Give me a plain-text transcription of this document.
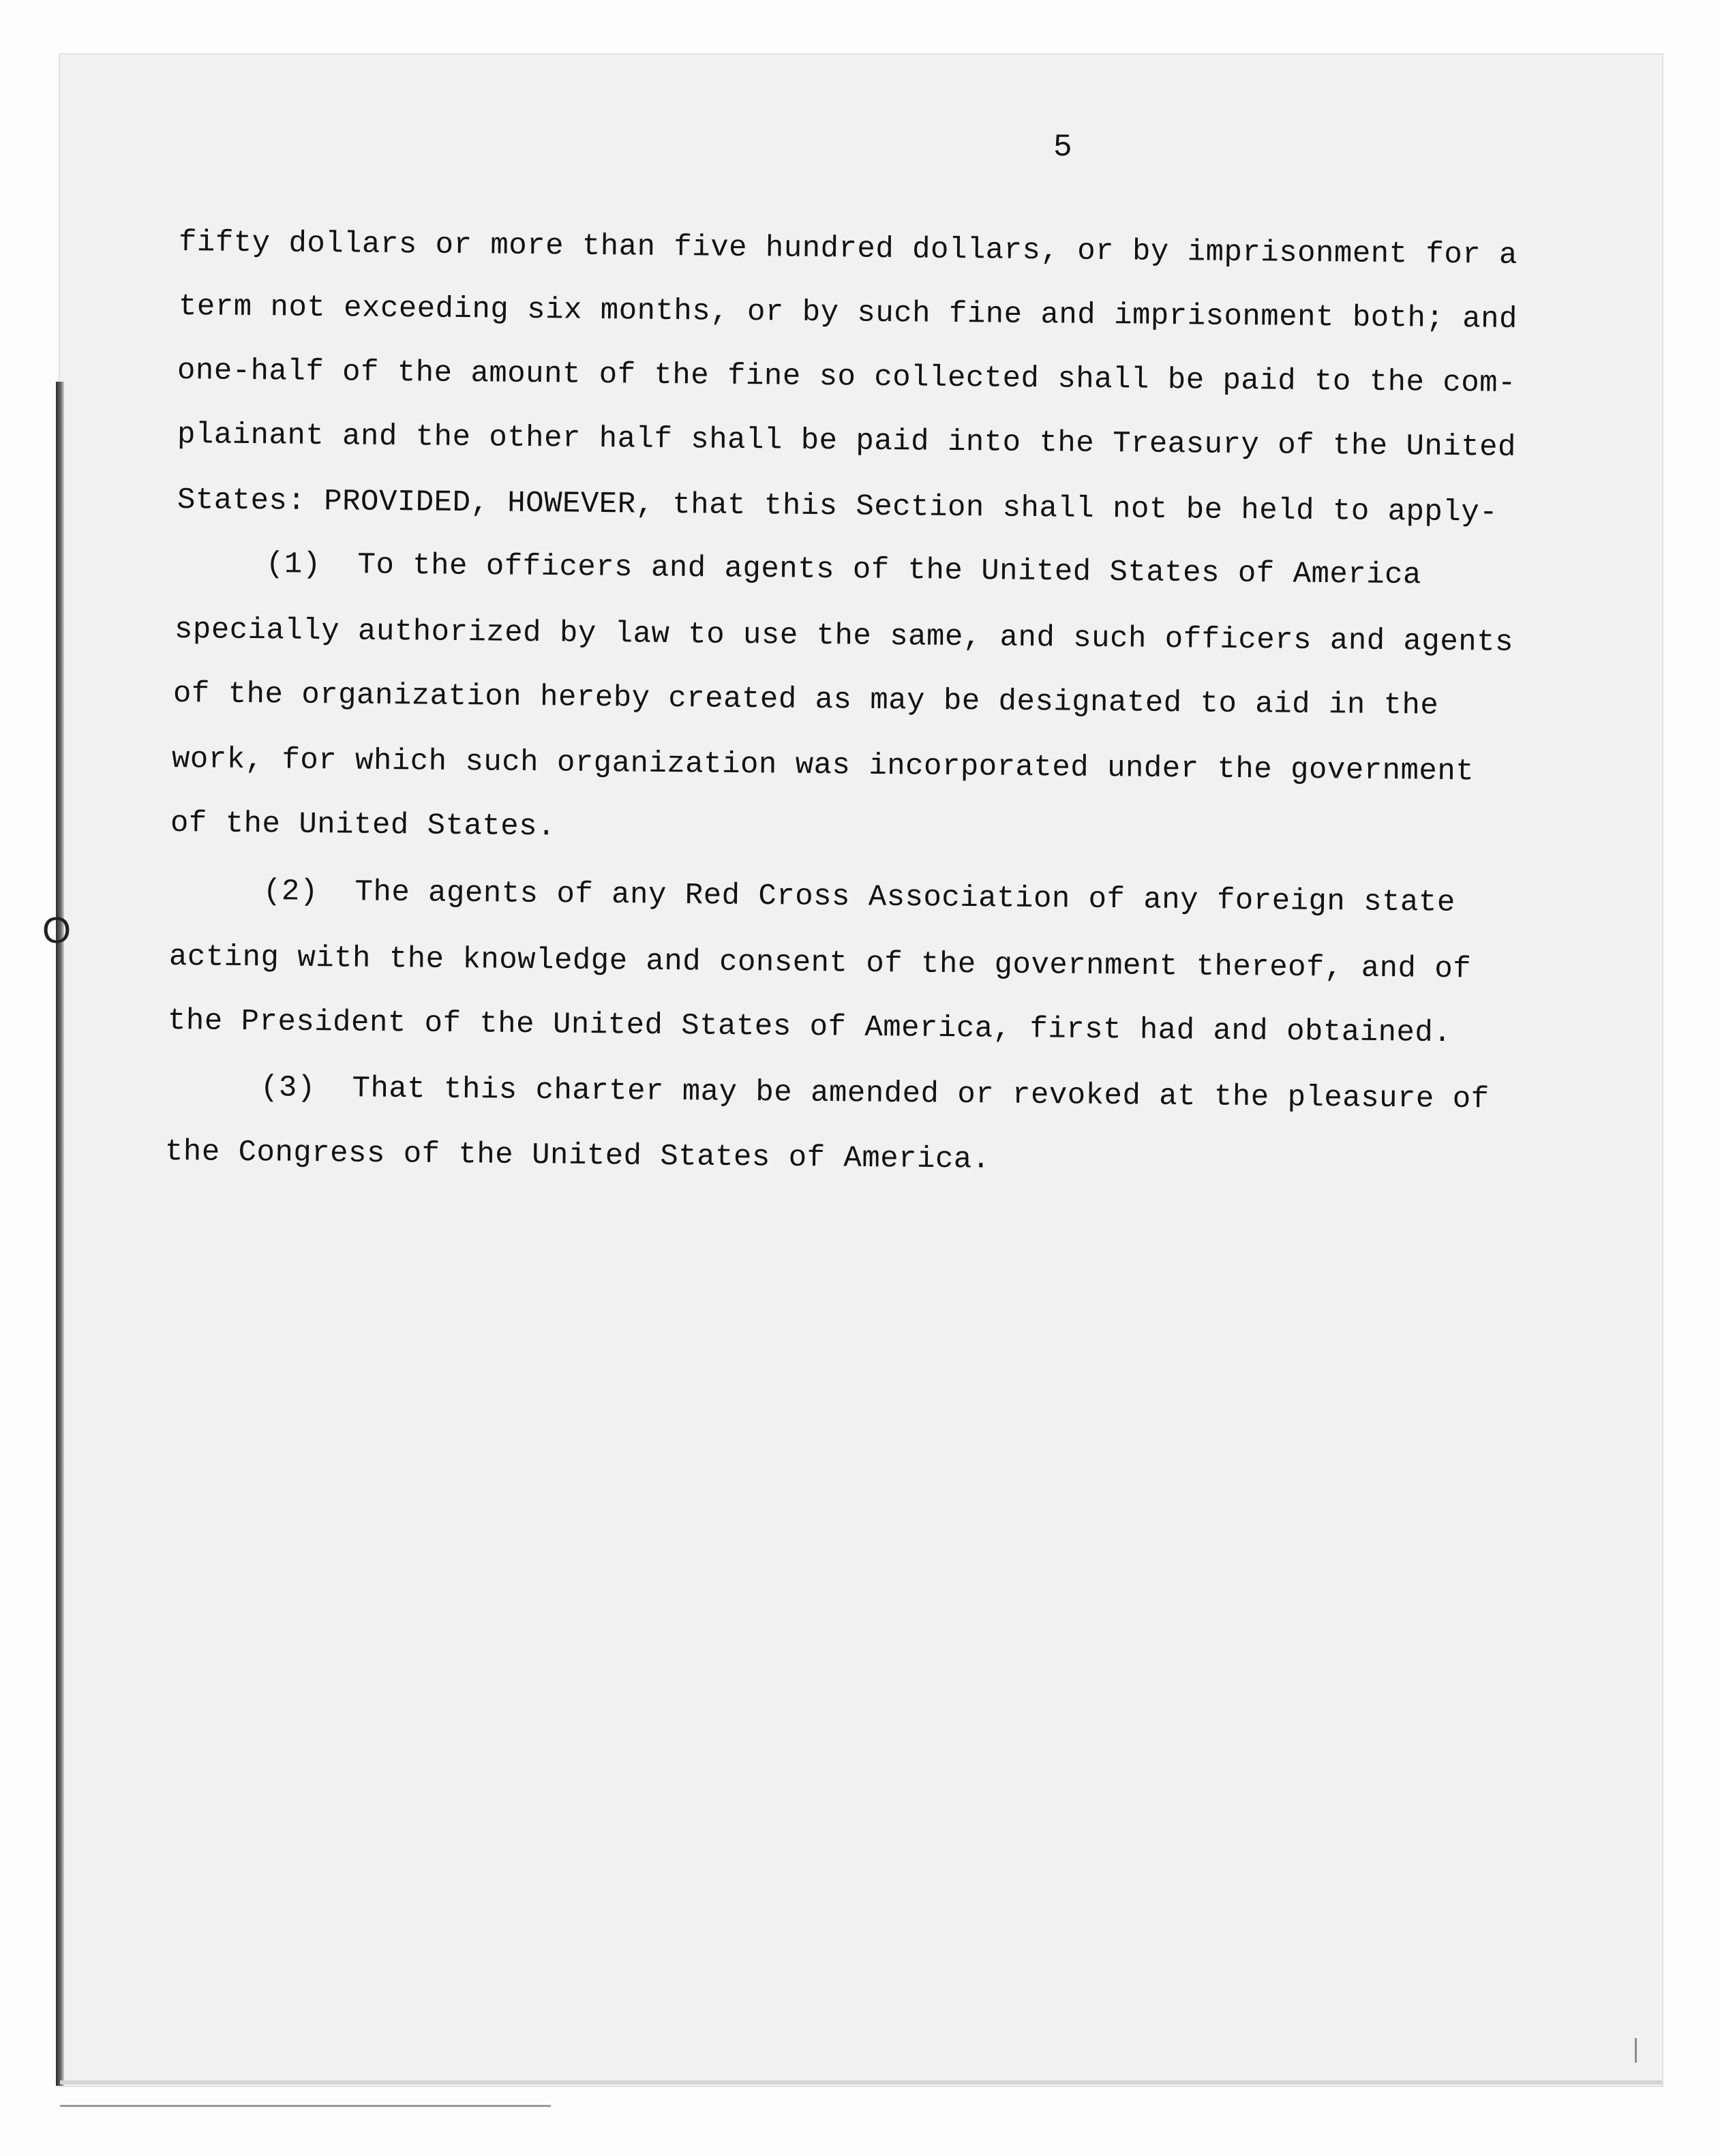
O
5
fifty dollars or more than five hundred dollars, or by imprisonment for a
term not exceeding six months, or by such fine and imprisonment both; and
one-half of the amount of the fine so collected shall be paid to the com-
plainant and the other half shall be paid into the Treasury of the United
States: PROVIDED, HOWEVER, that this Section shall not be held to apply-
(1)  To the officers and agents of the United States of America
specially authorized by law to use the same, and such officers and agents
of the organization hereby created as may be designated to aid in the
work, for which such organization was incorporated under the government
of the United States.
(2)  The agents of any Red Cross Association of any foreign state
acting with the knowledge and consent of the government thereof, and of
the President of the United States of America, first had and obtained.
(3)  That this charter may be amended or revoked at the pleasure of
the Congress of the United States of America.
